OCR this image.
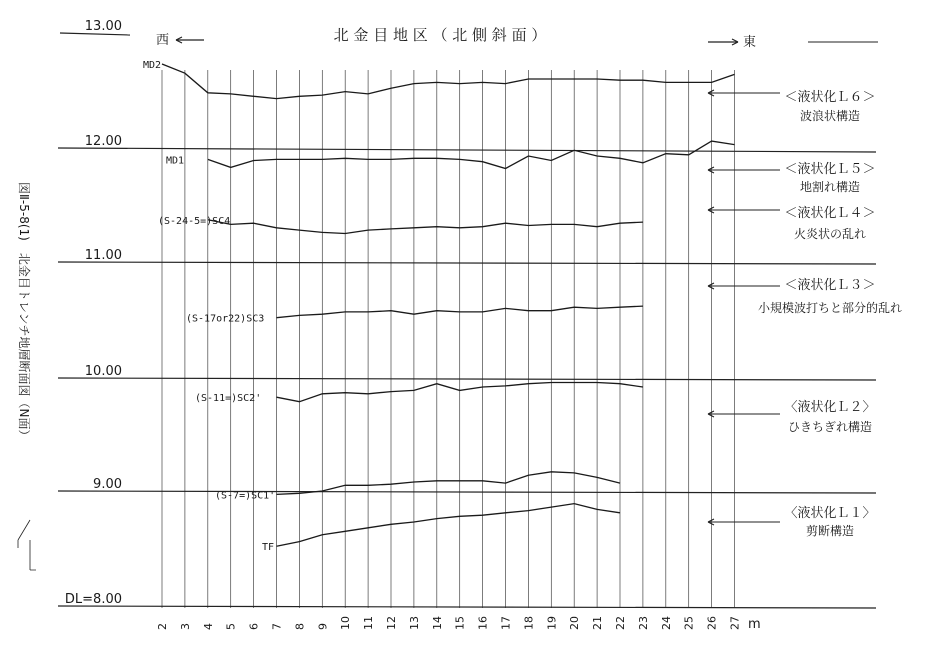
MD2
MD1
(S-24-5=)SC4
(S-17or22)SC3
(S-11=)SC2'
(S-7=)SC1'
TF
2 3 4 5 6 7 8 9 10 11 12 13 14 15 16 17 18 19 20 21 22 23 24 25 26 27
13.00
12.00
11.00
10.00
9.00
DL=8.00
＜液状化Ｌ６＞
波浪状構造
＜液状化Ｌ５＞
地割れ構造
＜液状化Ｌ４＞
火炎状の乱れ
＜液状化Ｌ３＞
小規模波打ちと部分的乱れ
〈液状化Ｌ２〉
ひきちぎれ構造
〈液状化Ｌ１〉
剪断構造
北 金 目 地 区 （ 北 側 斜 面 ）
西	東
図Ⅱ-5-8(1)　北金目トレンチ地層断面図（N面）
m
